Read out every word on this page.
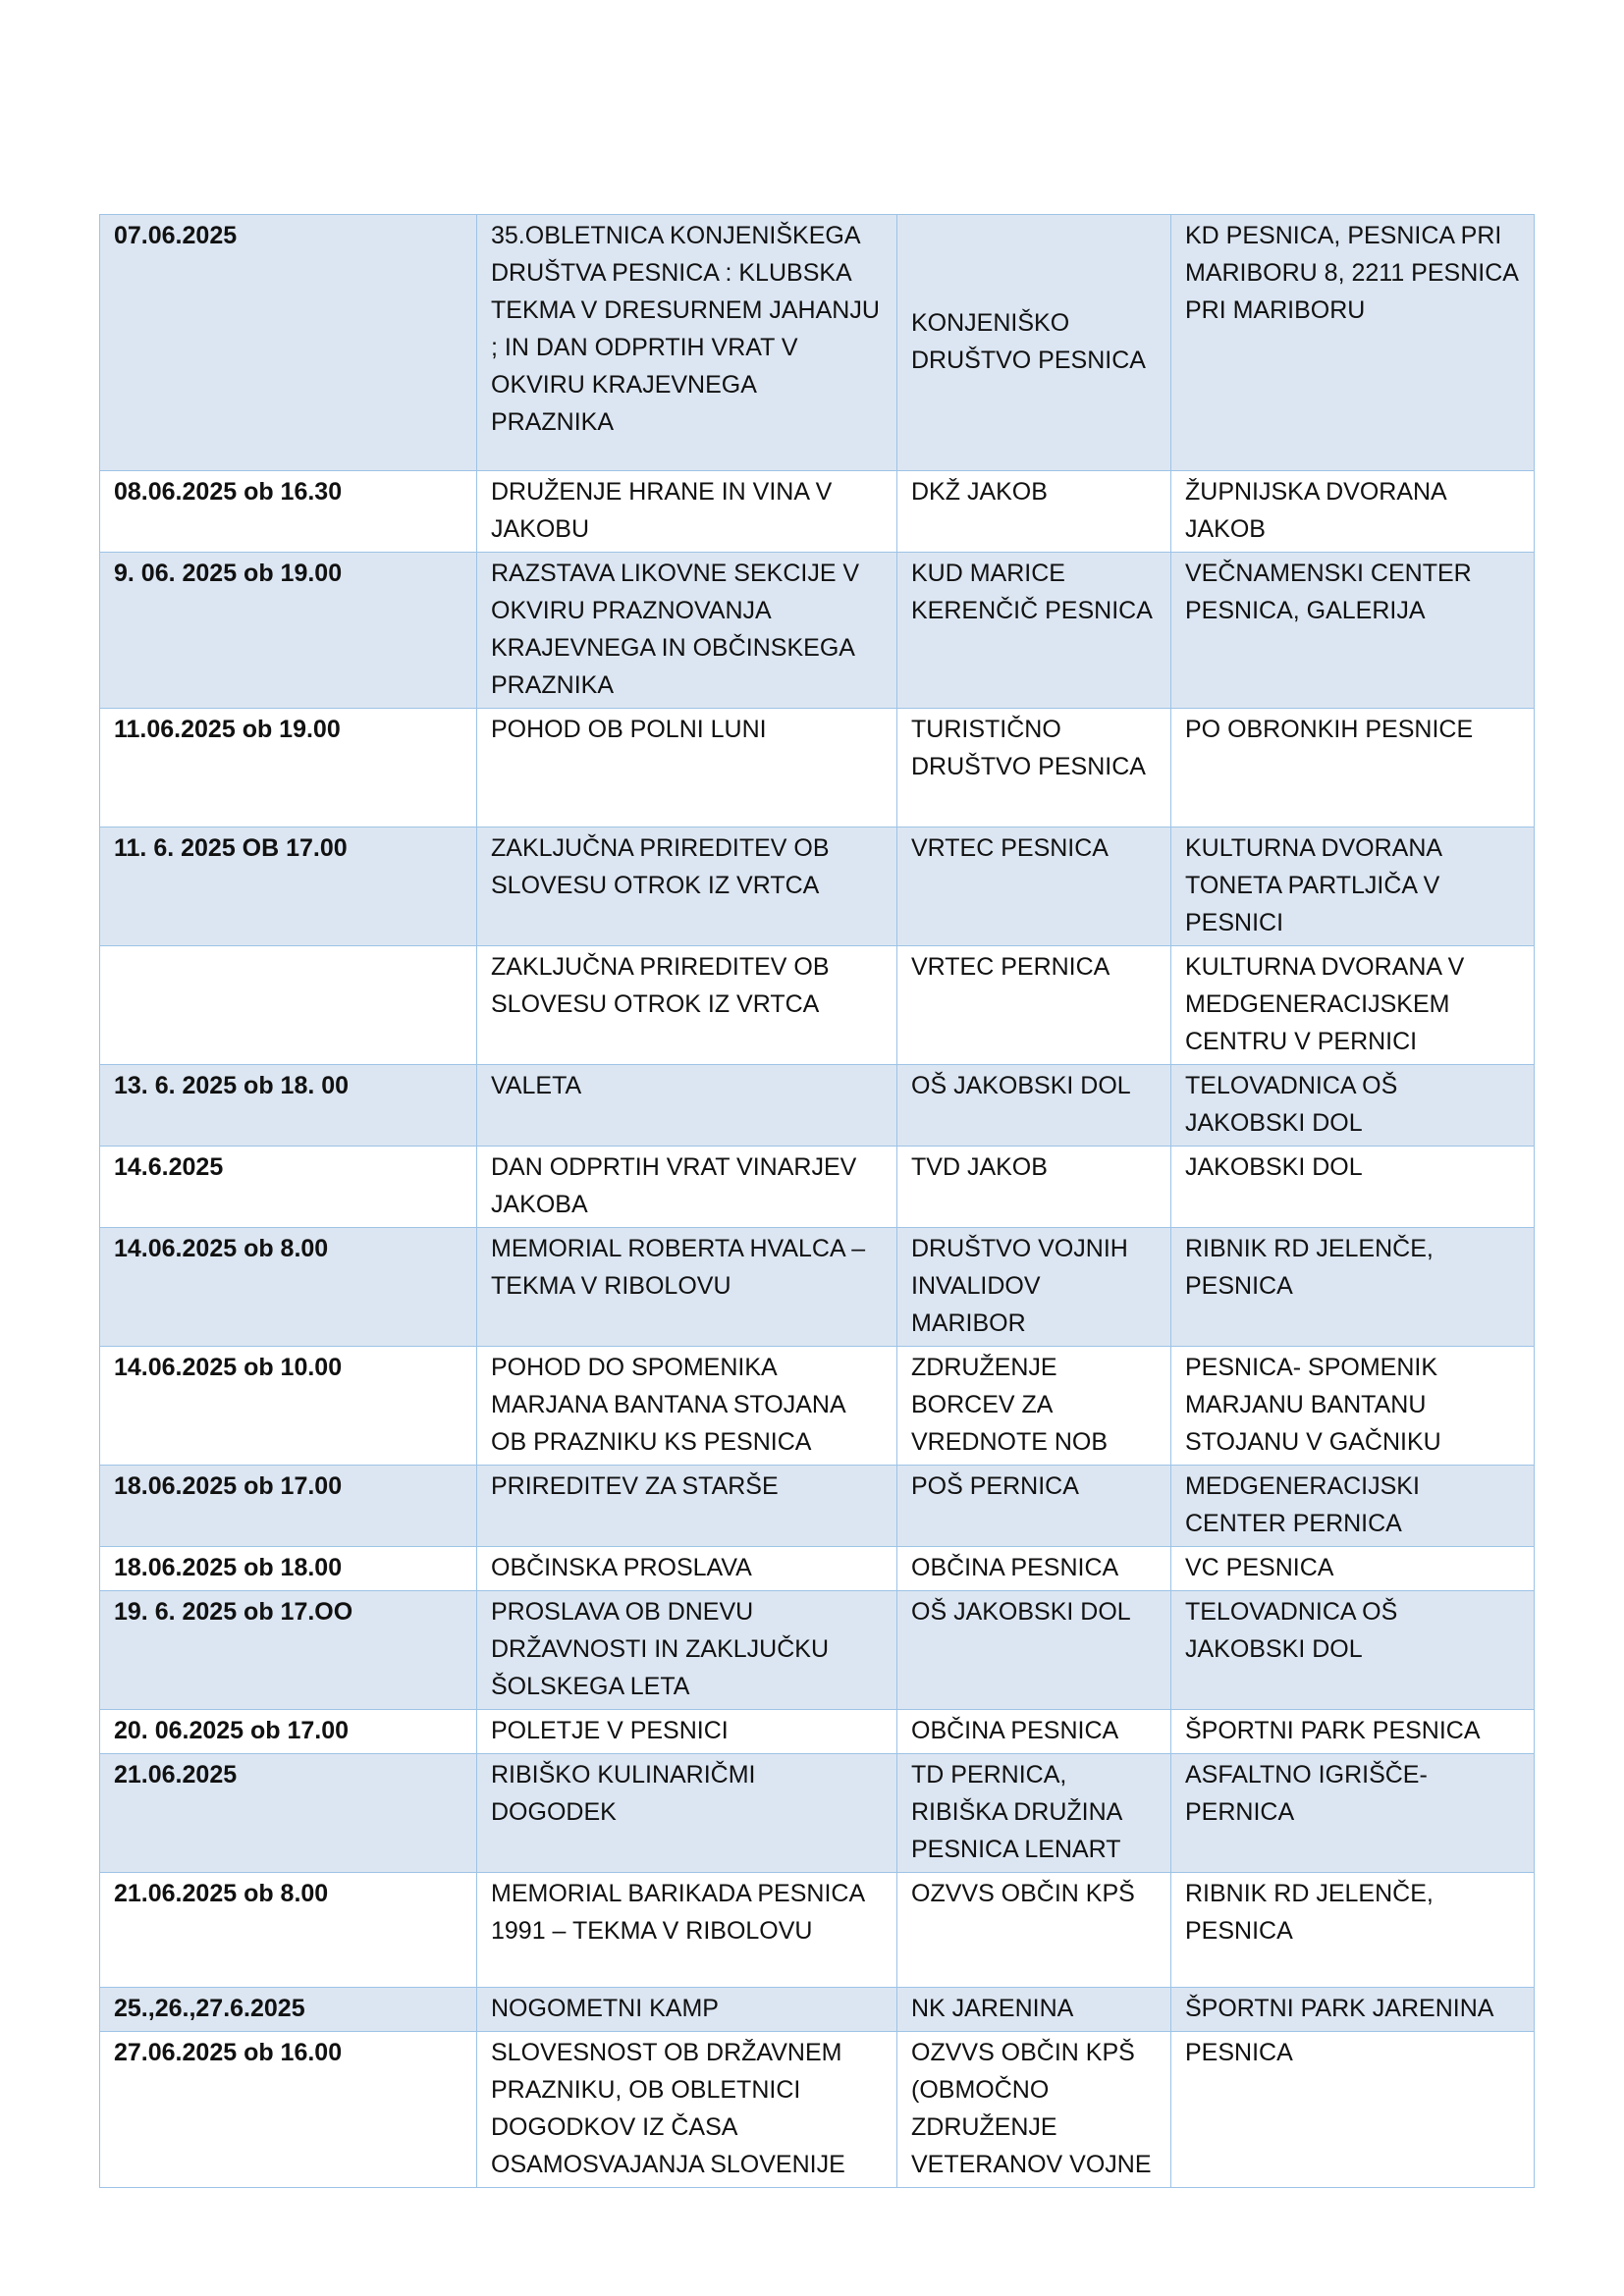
07.06.2025	35.OBLETNICA KONJENIŠKEGA DRUŠTVA PESNICA : KLUBSKA TEKMA V DRESURNEM JAHANJU ; IN DAN ODPRTIH VRAT V OKVIRU KRAJEVNEGA PRAZNIKA	KONJENIŠKO DRUŠTVO PESNICA	KD PESNICA, PESNICA PRI MARIBORU 8, 2211 PESNICA PRI MARIBORU
08.06.2025 ob 16.30	DRUŽENJE HRANE IN VINA V JAKOBU	DKŽ JAKOB	ŽUPNIJSKA DVORANA JAKOB
9. 06. 2025 ob 19.00	RAZSTAVA LIKOVNE SEKCIJE V OKVIRU PRAZNOVANJA KRAJEVNEGA IN OBČINSKEGA PRAZNIKA	KUD MARICE KERENČIČ PESNICA	VEČNAMENSKI CENTER PESNICA, GALERIJA
11.06.2025 ob 19.00	POHOD OB POLNI LUNI	TURISTIČNO DRUŠTVO PESNICA	PO OBRONKIH PESNICE
11. 6. 2025 OB 17.00	ZAKLJUČNA PRIREDITEV OB SLOVESU OTROK IZ VRTCA	VRTEC PESNICA	KULTURNA DVORANA TONETA PARTLJIČA V PESNICI
	ZAKLJUČNA PRIREDITEV OB SLOVESU OTROK IZ VRTCA	VRTEC PERNICA	KULTURNA DVORANA V MEDGENERACIJSKEM CENTRU V PERNICI
13. 6. 2025 ob 18. 00	VALETA	OŠ JAKOBSKI DOL	TELOVADNICA OŠ JAKOBSKI DOL
14.6.2025	DAN ODPRTIH VRAT VINARJEV JAKOBA	TVD JAKOB	JAKOBSKI DOL
14.06.2025 ob 8.00	MEMORIAL ROBERTA HVALCA – TEKMA V RIBOLOVU	DRUŠTVO VOJNIH INVALIDOV MARIBOR	RIBNIK RD JELENČE, PESNICA
14.06.2025 ob 10.00	POHOD DO SPOMENIKA MARJANA BANTANA STOJANA OB PRAZNIKU KS PESNICA	ZDRUŽENJE BORCEV ZA VREDNOTE NOB	PESNICA- SPOMENIK MARJANU BANTANU STOJANU V GAČNIKU
18.06.2025 ob 17.00	PRIREDITEV ZA STARŠE	POŠ PERNICA	MEDGENERACIJSKI CENTER PERNICA
18.06.2025 ob 18.00	OBČINSKA PROSLAVA	OBČINA PESNICA	VC PESNICA
19. 6. 2025 ob 17.OO	PROSLAVA OB DNEVU DRŽAVNOSTI IN ZAKLJUČKU ŠOLSKEGA LETA	OŠ JAKOBSKI DOL	TELOVADNICA OŠ JAKOBSKI DOL
20. 06.2025 ob 17.00	POLETJE V PESNICI	OBČINA PESNICA	ŠPORTNI PARK PESNICA
21.06.2025	RIBIŠKO KULINARIČMI DOGODEK	TD PERNICA, RIBIŠKA DRUŽINA PESNICA LENART	ASFALTNO IGRIŠČE-PERNICA
21.06.2025 ob 8.00	MEMORIAL BARIKADA PESNICA 1991 – TEKMA V RIBOLOVU	OZVVS OBČIN KPŠ	RIBNIK RD JELENČE, PESNICA
25.,26.,27.6.2025	NOGOMETNI KAMP	NK JARENINA	ŠPORTNI PARK JARENINA
27.06.2025 ob 16.00	SLOVESNOST OB DRŽAVNEM PRAZNIKU, OB OBLETNICI DOGODKOV IZ ČASA OSAMOSVAJANJA SLOVENIJE	OZVVS OBČIN KPŠ (OBMOČNO ZDRUŽENJE VETERANOV VOJNE	PESNICA
